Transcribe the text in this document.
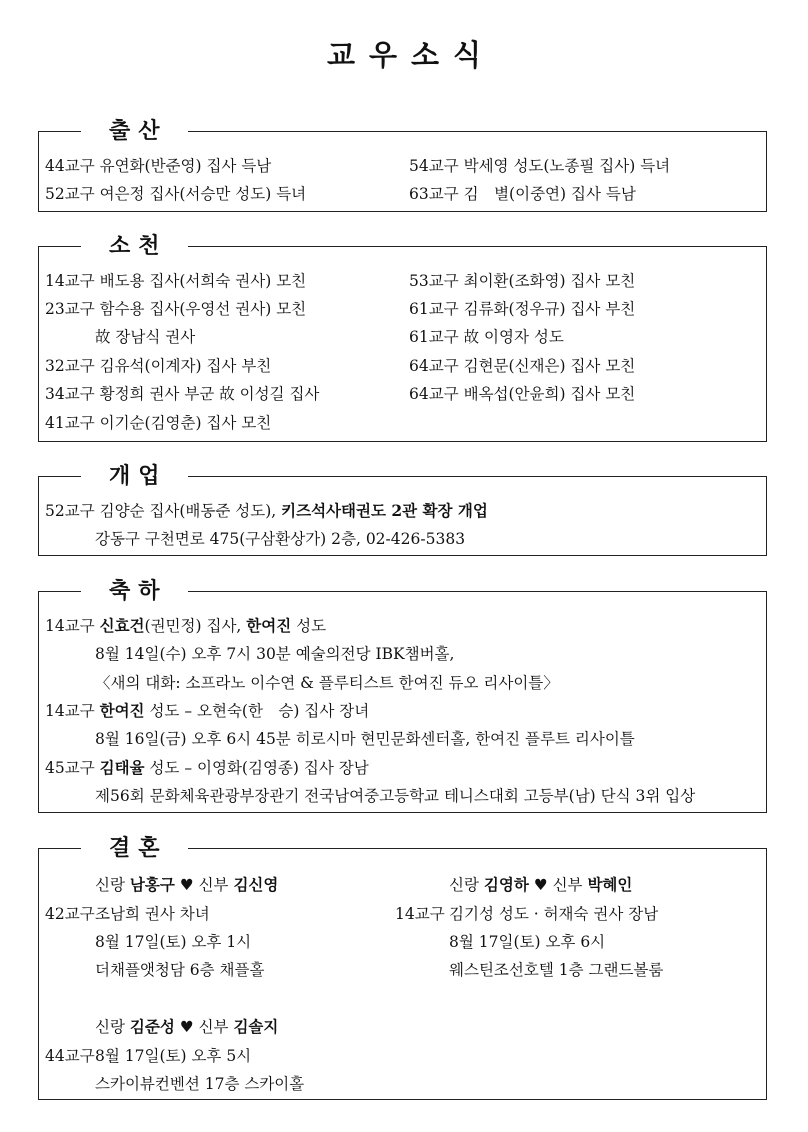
교우소식
출산
44교구 유연화(반준영) 집사 득남
52교구 여은정 집사(서승만 성도) 득녀
54교구 박세영 성도(노종필 집사) 득녀
63교구 김　별(이중연) 집사 득남
소천
14교구 배도용 집사(서희숙 권사) 모친
23교구 함수용 집사(우영선 권사) 모친
故 장남식 권사
32교구 김유석(이계자) 집사 부친
34교구 황정희 권사 부군 故 이성길 집사
41교구 이기순(김영춘) 집사 모친
53교구 최이환(조화영) 집사 모친
61교구 김류화(정우규) 집사 부친
61교구 故 이영자 성도
64교구 김현문(신재은) 집사 모친
64교구 배옥섭(안윤희) 집사 모친
개업
52교구 김양순 집사(배동준 성도), 키즈석사태권도 2관 확장 개업
강동구 구천면로 475(구삼환상가) 2층, 02-426-5383
축하
14교구 신효건(권민정) 집사, 한여진 성도
8월 14일(수) 오후 7시 30분 예술의전당 IBK챔버홀,
〈새의 대화: 소프라노 이수연 & 플루티스트 한여진 듀오 리사이틀〉
14교구 한여진 성도 – 오현숙(한　승) 집사 장녀
8월 16일(금) 오후 6시 45분 히로시마 현민문화센터홀, 한여진 플루트 리사이틀
45교구 김태율 성도 – 이영화(김영종) 집사 장남
제56회 문화체육관광부장관기 전국남여중고등학교 테니스대회 고등부(남) 단식 3위 입상
결혼
신랑 남홍구 ♥ 신부 김신영
42교구 조남희 권사 차녀
8월 17일(토) 오후 1시
더채플앳청담 6층 채플홀
신랑 김영하 ♥ 신부 박혜인
14교구 김기성 성도 · 허재숙 권사 장남
8월 17일(토) 오후 6시
웨스틴조선호텔 1층 그랜드볼룸
신랑 김준성 ♥ 신부 김솔지
44교구 8월 17일(토) 오후 5시
스카이뷰컨벤션 17층 스카이홀
